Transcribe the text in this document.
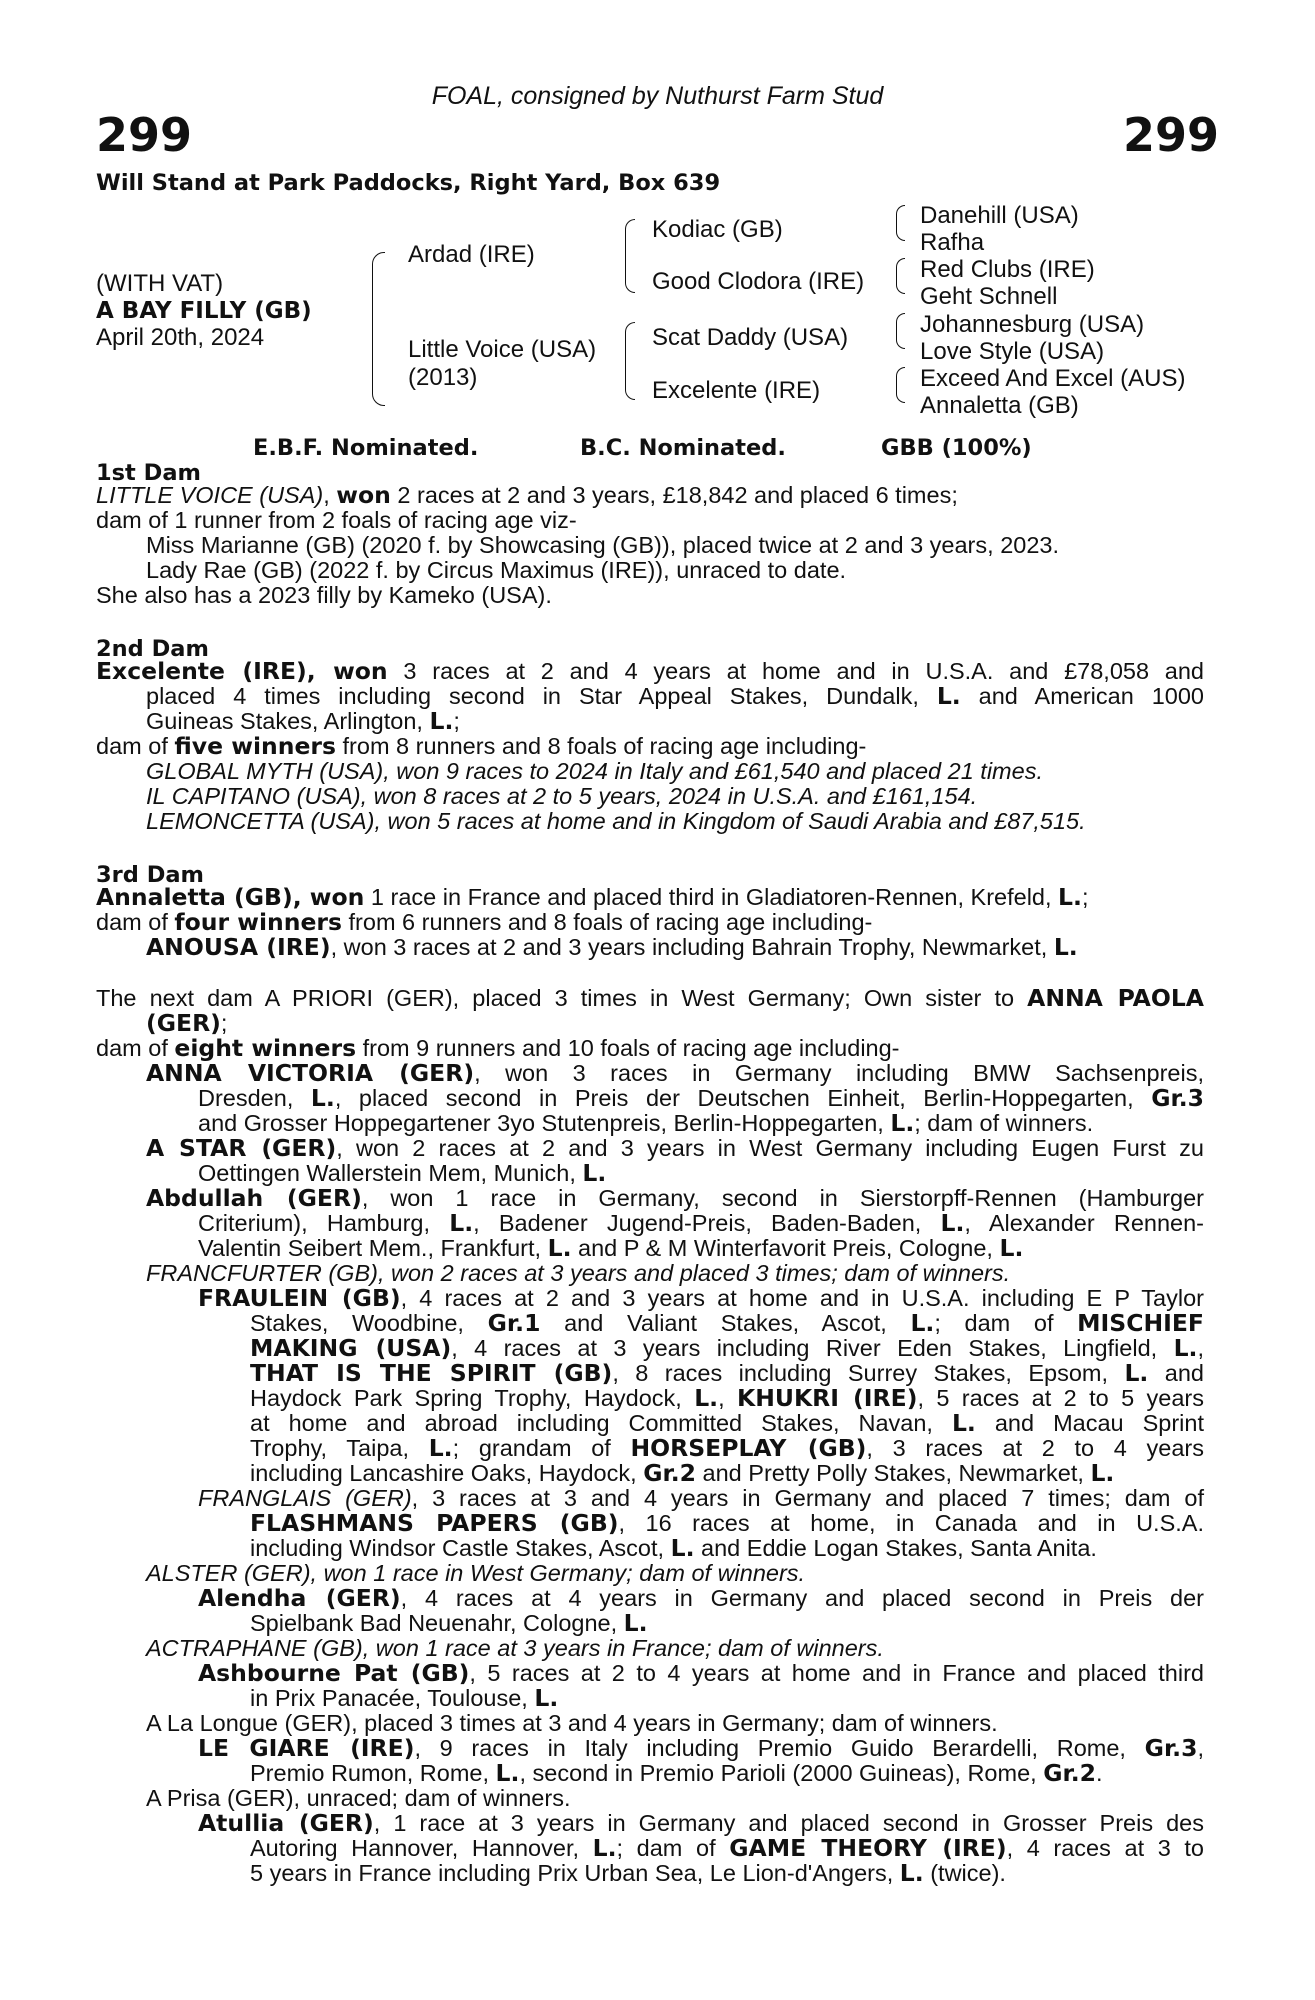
FOAL, consigned by Nuthurst Farm Stud
299	299
Will Stand at Park Paddocks, Right Yard, Box 639
(WITH VAT)
A BAY FILLY (GB)
April 20th, 2024
Ardad (IRE)
Little Voice (USA)
(2013)
Kodiac (GB)
Good Clodora (IRE)
Scat Daddy (USA)
Excelente (IRE)
Danehill (USA)
Rafha
Red Clubs (IRE)
Geht Schnell
Johannesburg (USA)
Love Style (USA)
Exceed And Excel (AUS)
Annaletta (GB)
E.B.F. Nominated.	B.C. Nominated.	GBB (100%)
1st Dam
LITTLE VOICE (USA), won 2 races at 2 and 3 years, £18,842 and placed 6 times;
dam of 1 runner from 2 foals of racing age viz-
Miss Marianne (GB) (2020 f. by Showcasing (GB)), placed twice at 2 and 3 years, 2023.
Lady Rae (GB) (2022 f. by Circus Maximus (IRE)), unraced to date.
She also has a 2023 filly by Kameko (USA).
2nd Dam
Excelente (IRE), won 3 races at 2 and 4 years at home and in U.S.A. and £78,058 and
placed 4 times including second in Star Appeal Stakes, Dundalk, L. and American 1000
Guineas Stakes, Arlington, L.;
dam of five winners from 8 runners and 8 foals of racing age including-
GLOBAL MYTH (USA), won 9 races to 2024 in Italy and £61,540 and placed 21 times.
IL CAPITANO (USA), won 8 races at 2 to 5 years, 2024 in U.S.A. and £161,154.
LEMONCETTA (USA), won 5 races at home and in Kingdom of Saudi Arabia and £87,515.
3rd Dam
Annaletta (GB), won 1 race in France and placed third in Gladiatoren-Rennen, Krefeld, L.;
dam of four winners from 6 runners and 8 foals of racing age including-
ANOUSA (IRE), won 3 races at 2 and 3 years including Bahrain Trophy, Newmarket, L.
The next dam A PRIORI (GER), placed 3 times in West Germany; Own sister to ANNA PAOLA
(GER);
dam of eight winners from 9 runners and 10 foals of racing age including-
ANNA VICTORIA (GER), won 3 races in Germany including BMW Sachsenpreis,
Dresden, L., placed second in Preis der Deutschen Einheit, Berlin-Hoppegarten, Gr.3
and Grosser Hoppegartener 3yo Stutenpreis, Berlin-Hoppegarten, L.; dam of winners.
A STAR (GER), won 2 races at 2 and 3 years in West Germany including Eugen Furst zu
Oettingen Wallerstein Mem, Munich, L.
Abdullah (GER), won 1 race in Germany, second in Sierstorpff-Rennen (Hamburger
Criterium), Hamburg, L., Badener Jugend-Preis, Baden-Baden, L., Alexander Rennen-
Valentin Seibert Mem., Frankfurt, L. and P & M Winterfavorit Preis, Cologne, L.
FRANCFURTER (GB), won 2 races at 3 years and placed 3 times; dam of winners.
FRAULEIN (GB), 4 races at 2 and 3 years at home and in U.S.A. including E P Taylor
Stakes, Woodbine, Gr.1 and Valiant Stakes, Ascot, L.; dam of MISCHIEF
MAKING (USA), 4 races at 3 years including River Eden Stakes, Lingfield, L.,
THAT IS THE SPIRIT (GB), 8 races including Surrey Stakes, Epsom, L. and
Haydock Park Spring Trophy, Haydock, L., KHUKRI (IRE), 5 races at 2 to 5 years
at home and abroad including Committed Stakes, Navan, L. and Macau Sprint
Trophy, Taipa, L.; grandam of HORSEPLAY (GB), 3 races at 2 to 4 years
including Lancashire Oaks, Haydock, Gr.2 and Pretty Polly Stakes, Newmarket, L.
FRANGLAIS (GER), 3 races at 3 and 4 years in Germany and placed 7 times; dam of
FLASHMANS PAPERS (GB), 16 races at home, in Canada and in U.S.A.
including Windsor Castle Stakes, Ascot, L. and Eddie Logan Stakes, Santa Anita.
ALSTER (GER), won 1 race in West Germany; dam of winners.
Alendha (GER), 4 races at 4 years in Germany and placed second in Preis der
Spielbank Bad Neuenahr, Cologne, L.
ACTRAPHANE (GB), won 1 race at 3 years in France; dam of winners.
Ashbourne Pat (GB), 5 races at 2 to 4 years at home and in France and placed third
in Prix Panacée, Toulouse, L.
A La Longue (GER), placed 3 times at 3 and 4 years in Germany; dam of winners.
LE GIARE (IRE), 9 races in Italy including Premio Guido Berardelli, Rome, Gr.3,
Premio Rumon, Rome, L., second in Premio Parioli (2000 Guineas), Rome, Gr.2.
A Prisa (GER), unraced; dam of winners.
Atullia (GER), 1 race at 3 years in Germany and placed second in Grosser Preis des
Autoring Hannover, Hannover, L.; dam of GAME THEORY (IRE), 4 races at 3 to
5 years in France including Prix Urban Sea, Le Lion-d'Angers, L. (twice).
